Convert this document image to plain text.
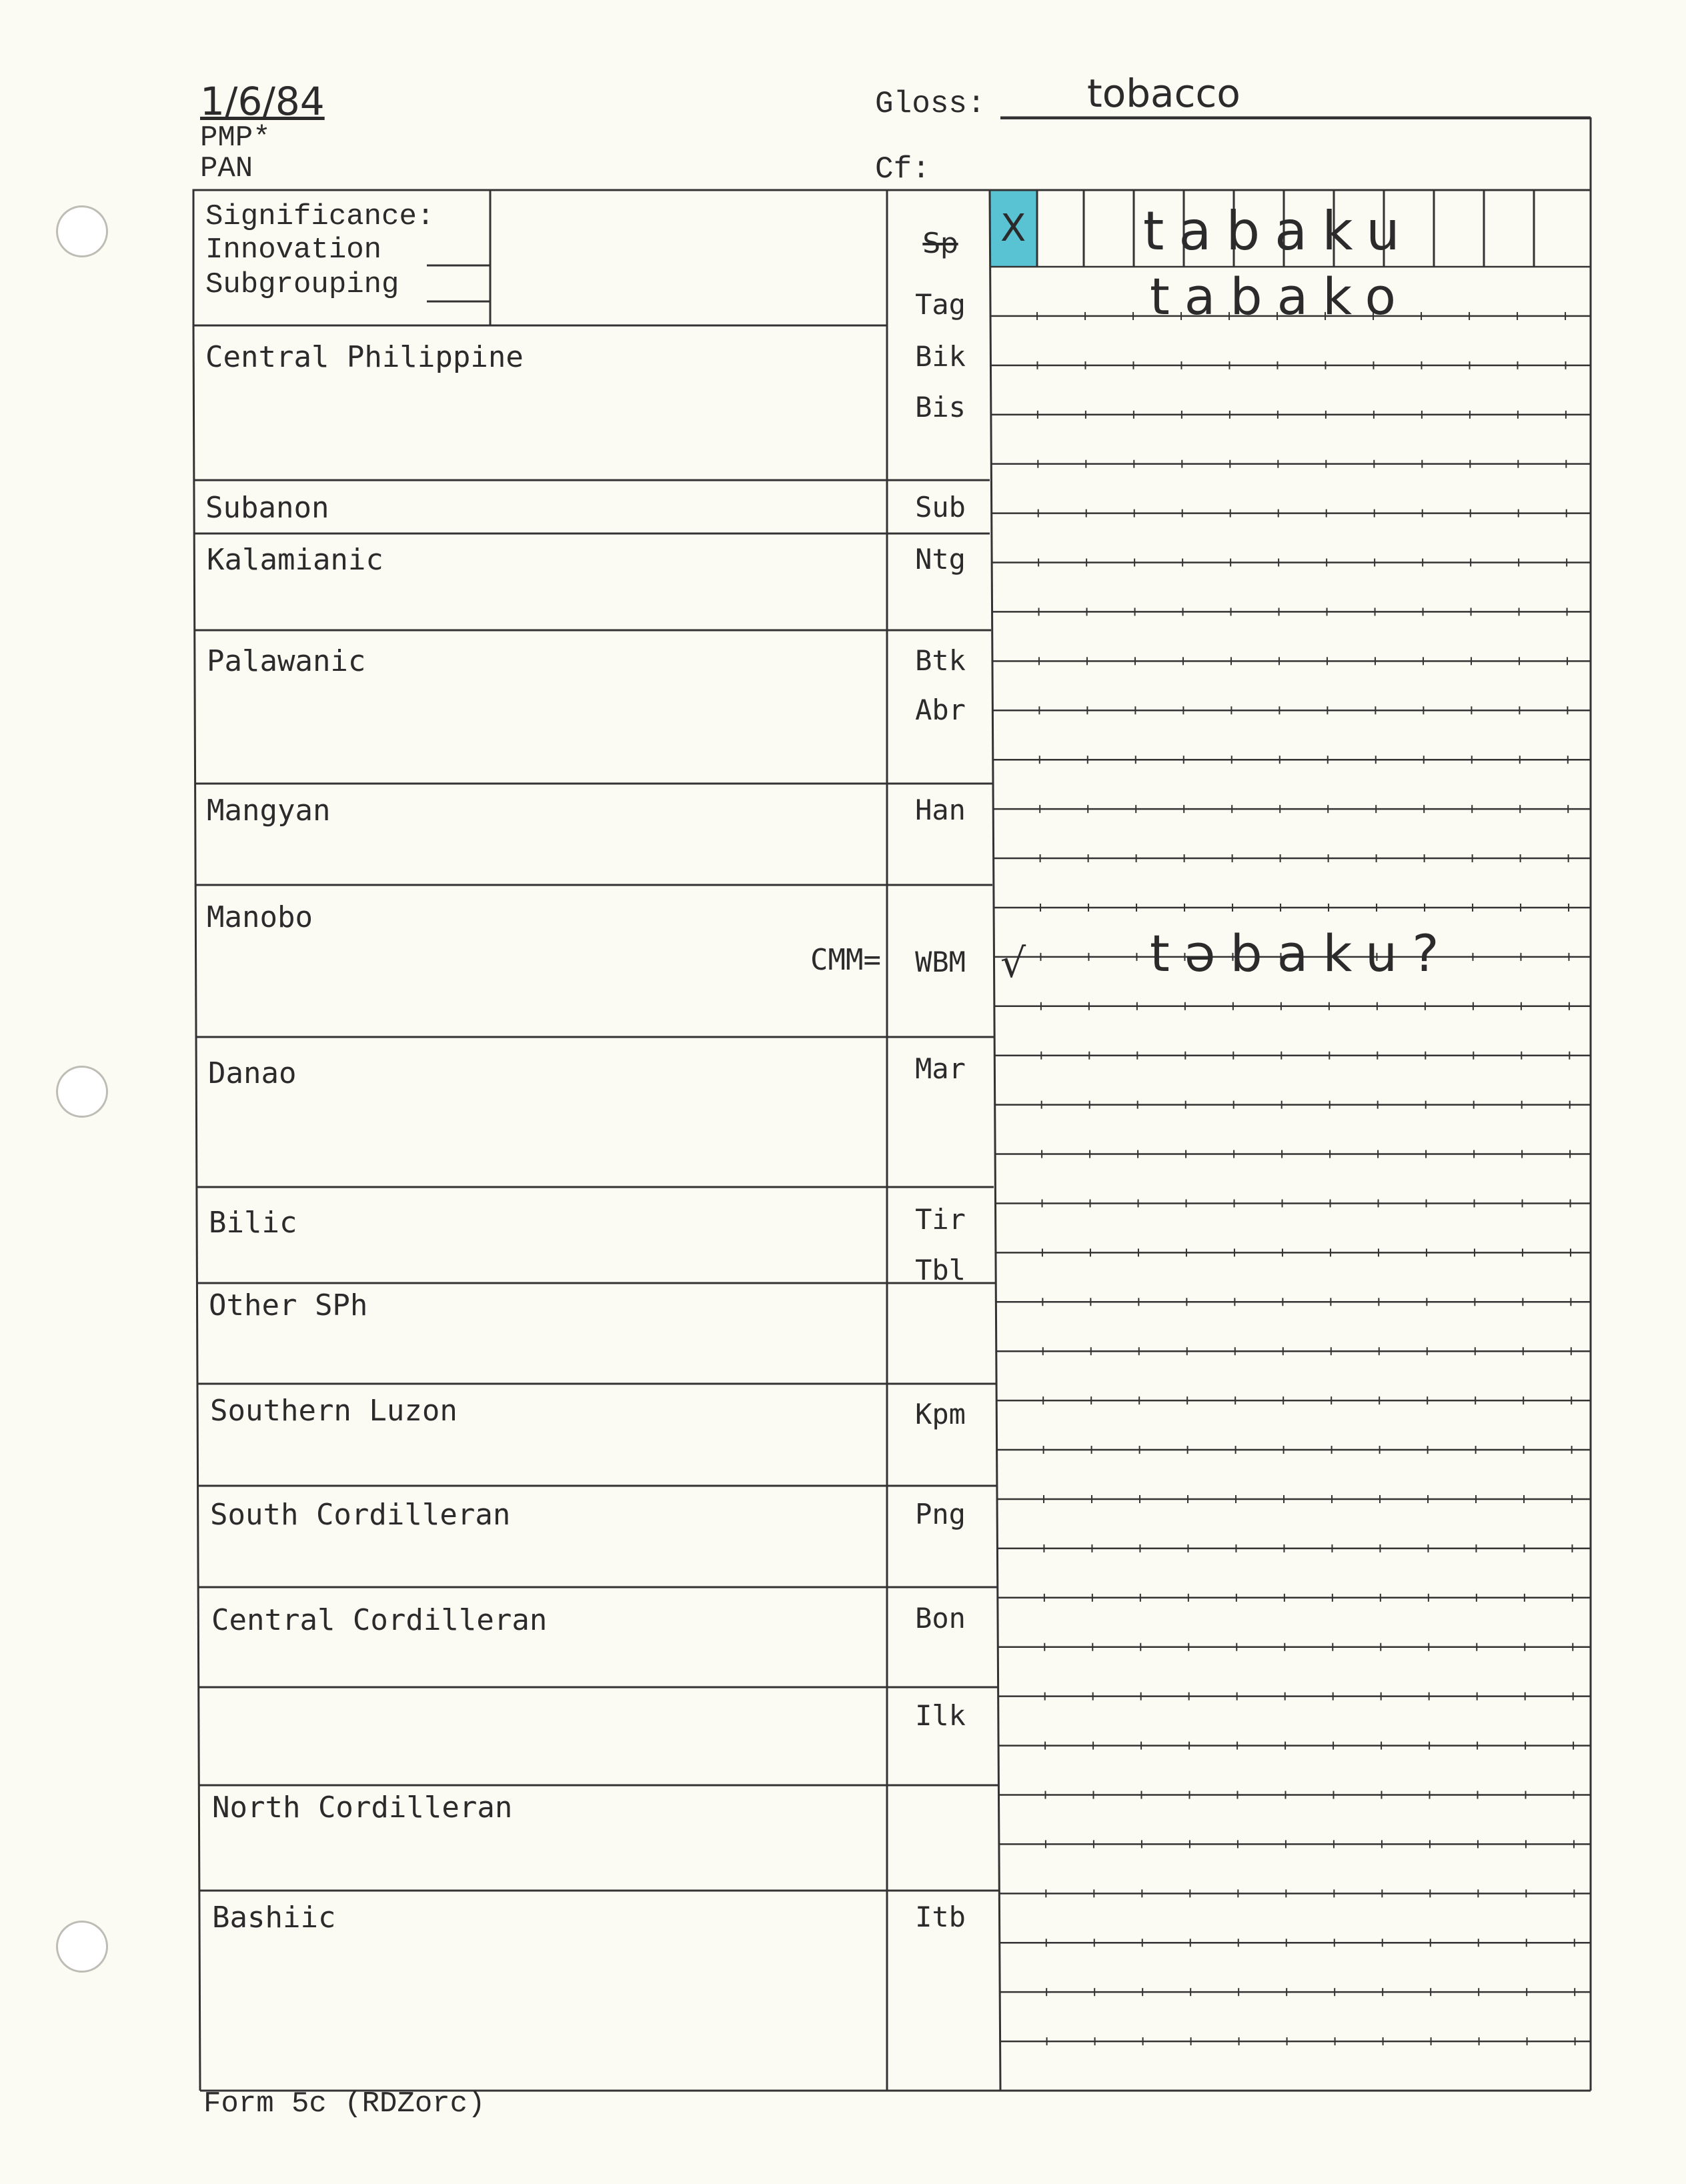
1/6/84
PMP*
PAN
Gloss:	tobacco
Cf:
Significance:
Innovation
Subgrouping
Central Philippine
Subanon
Kalamianic
Palawanic
Mangyan
Manobo
Danao
Bilic
Other SPh
Southern Luzon
South Cordilleran
Central Cordilleran
North Cordilleran
Bashiic
Sp
Tag
Bik
Bis
Sub
Ntg
Btk
Abr
Han
WBM
Mar
Tir
Tbl
Kpm
Png
Bon
Ilk
Itb
CMM=
X
√
tabaku
tabako
təbaku?
Form 5c (RDZorc)
